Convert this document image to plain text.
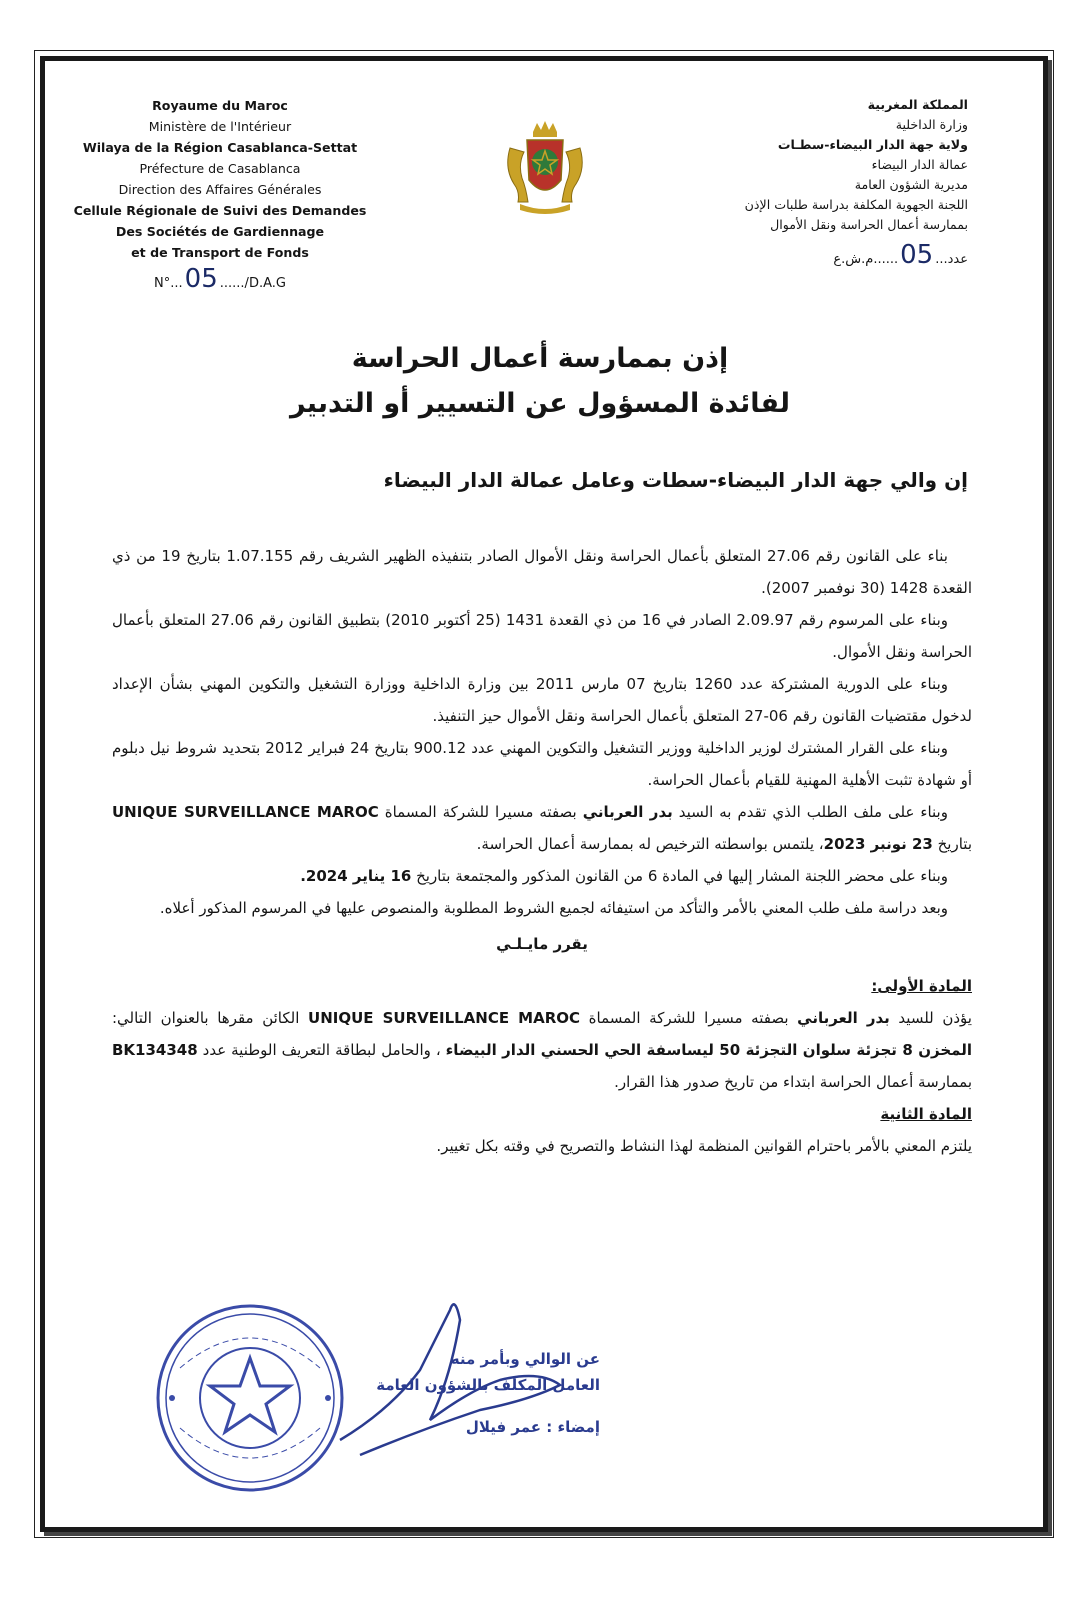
Royaume du Maroc
Ministère de l'Intérieur
Wilaya de la Région Casablanca-Settat
Préfecture de Casablanca
Direction des Affaires Générales
Cellule Régionale de Suivi des Demandes
Des Sociétés de Gardiennage
et de Transport de Fonds
N°...05 ....../D.A.G
المملكة المغربية
وزارة الداخلية
ولاية جهة الدار البيضاء-سطـات
عمالة الدار البيضاء
مديرية الشؤون العامة
اللجنة الجهوية المكلفة بدراسة طلبات الإذن
بممارسة أعمال الحراسة ونقل الأموال
عدد...05......م.ش.ع
إذن بممارسة أعمال الحراسة
لفائدة المسؤول عن التسيير أو التدبير
إن والي جهة الدار البيضاء-سطات وعامل عمالة الدار البيضاء

بناء على القانون رقم 27.06 المتعلق بأعمال الحراسة ونقل الأموال الصادر بتنفيذه الظهير الشريف رقم 1.07.155 بتاريخ 19 من ذي القعدة 1428 (30 نوفمبر 2007).

وبناء على المرسوم رقم 2.09.97 الصادر في 16 من ذي القعدة 1431 (25 أكتوبر 2010) بتطبيق القانون رقم 27.06 المتعلق بأعمال الحراسة ونقل الأموال.

وبناء على الدورية المشتركة عدد 1260 بتاريخ 07 مارس 2011 بين وزارة الداخلية ووزارة التشغيل والتكوين المهني بشأن الإعداد لدخول مقتضيات القانون رقم 06-27 المتعلق بأعمال الحراسة ونقل الأموال حيز التنفيذ.

وبناء على القرار المشترك لوزير الداخلية ووزير التشغيل والتكوين المهني عدد 900.12 بتاريخ 24 فبراير 2012 بتحديد شروط نيل دبلوم أو شهادة تثبت الأهلية المهنية للقيام بأعمال الحراسة.

وبناء على ملف الطلب الذي تقدم به السيد بدر العرباني بصفته مسيرا للشركة المسماة UNIQUE SURVEILLANCE MAROC بتاريخ 23 نونبر 2023، يلتمس بواسطته الترخيص له بممارسة أعمال الحراسة.

وبناء على محضر اللجنة المشار إليها في المادة 6 من القانون المذكور والمجتمعة بتاريخ 16 يناير 2024.

وبعد دراسة ملف طلب المعني بالأمر والتأكد من استيفائه لجميع الشروط المطلوبة والمنصوص عليها في المرسوم المذكور أعلاه.

يقرر مايـلـي

المادة الأولى:

يؤذن للسيد بدر العرباني بصفته مسيرا للشركة المسماة UNIQUE SURVEILLANCE MAROC الكائن مقرها بالعنوان التالي: المخزن 8 تجزئة سلوان التجزئة 50 ليساسفة الحي الحسني الدار البيضاء ، والحامل لبطاقة التعريف الوطنية عدد BK134348 بممارسة أعمال الحراسة ابتداء من تاريخ صدور هذا القرار.

المادة الثانية

يلتزم المعني بالأمر باحترام القوانين المنظمة لهذا النشاط والتصريح في وقته بكل تغيير.

عن الوالي وبأمر منه
العامل المكلف بالشؤون العامة
إمضاء : عمر فيلال
